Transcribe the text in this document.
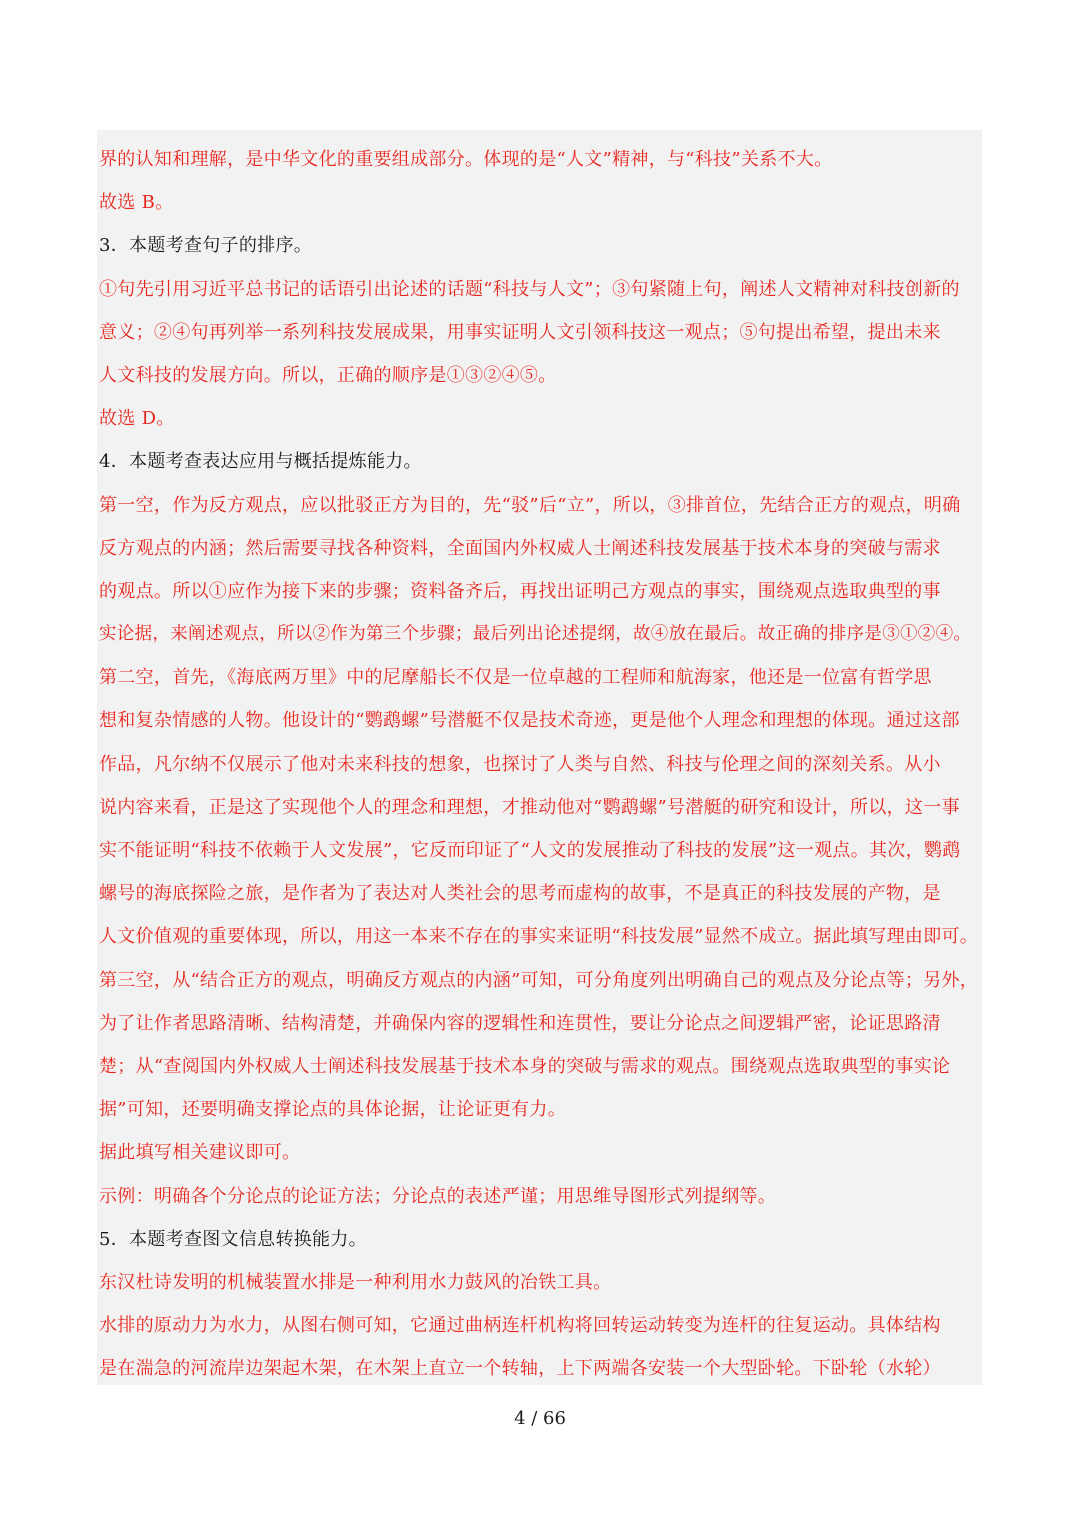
界的认知和理解，是中华文化的重要组成部分。体现的是“人文”精神，与“科技”关系不大。
故选 B。
3．本题考查句子的排序。
①句先引用习近平总书记的话语引出论述的话题“科技与人文”；③句紧随上句，阐述人文精神对科技创新的
意义；②④句再列举一系列科技发展成果，用事实证明人文引领科技这一观点；⑤句提出希望，提出未来
人文科技的发展方向。所以，正确的顺序是①③②④⑤。
故选 D。
4．本题考查表达应用与概括提炼能力。
第一空，作为反方观点，应以批驳正方为目的，先“驳”后“立”，所以，③排首位，先结合正方的观点，明确
反方观点的内涵；然后需要寻找各种资料，全面国内外权威人士阐述科技发展基于技术本身的突破与需求
的观点。所以①应作为接下来的步骤；资料备齐后，再找出证明己方观点的事实，围绕观点选取典型的事
实论据，来阐述观点，所以②作为第三个步骤；最后列出论述提纲，故④放在最后。故正确的排序是③①②④。
第二空，首先，《海底两万里》中的尼摩船长不仅是一位卓越的工程师和航海家，他还是一位富有哲学思
想和复杂情感的人物。他设计的“鹦鹉螺”号潜艇不仅是技术奇迹，更是他个人理念和理想的体现。通过这部
作品，凡尔纳不仅展示了他对未来科技的想象，也探讨了人类与自然、科技与伦理之间的深刻关系。从小
说内容来看，正是这了实现他个人的理念和理想，才推动他对“鹦鹉螺”号潜艇的研究和设计，所以，这一事
实不能证明“科技不依赖于人文发展”，它反而印证了“人文的发展推动了科技的发展”这一观点。其次，鹦鹉
螺号的海底探险之旅，是作者为了表达对人类社会的思考而虚构的故事，不是真正的科技发展的产物，是
人文价值观的重要体现，所以，用这一本来不存在的事实来证明“科技发展”显然不成立。据此填写理由即可。
第三空，从“结合正方的观点，明确反方观点的内涵”可知，可分角度列出明确自己的观点及分论点等；另外，
为了让作者思路清晰、结构清楚，并确保内容的逻辑性和连贯性，要让分论点之间逻辑严密，论证思路清
楚；从“查阅国内外权威人士阐述科技发展基于技术本身的突破与需求的观点。围绕观点选取典型的事实论
据”可知，还要明确支撑论点的具体论据，让论证更有力。
据此填写相关建议即可。
示例：明确各个分论点的论证方法；分论点的表述严谨；用思维导图形式列提纲等。
5．本题考查图文信息转换能力。
东汉杜诗发明的机械装置水排是一种利用水力鼓风的冶铁工具。
水排的原动力为水力，从图右侧可知，它通过曲柄连杆机构将回转运动转变为连杆的往复运动。具体结构
是在湍急的河流岸边架起木架，在木架上直立一个转轴，上下两端各安装一个大型卧轮。下卧轮（水轮）
4 / 66
